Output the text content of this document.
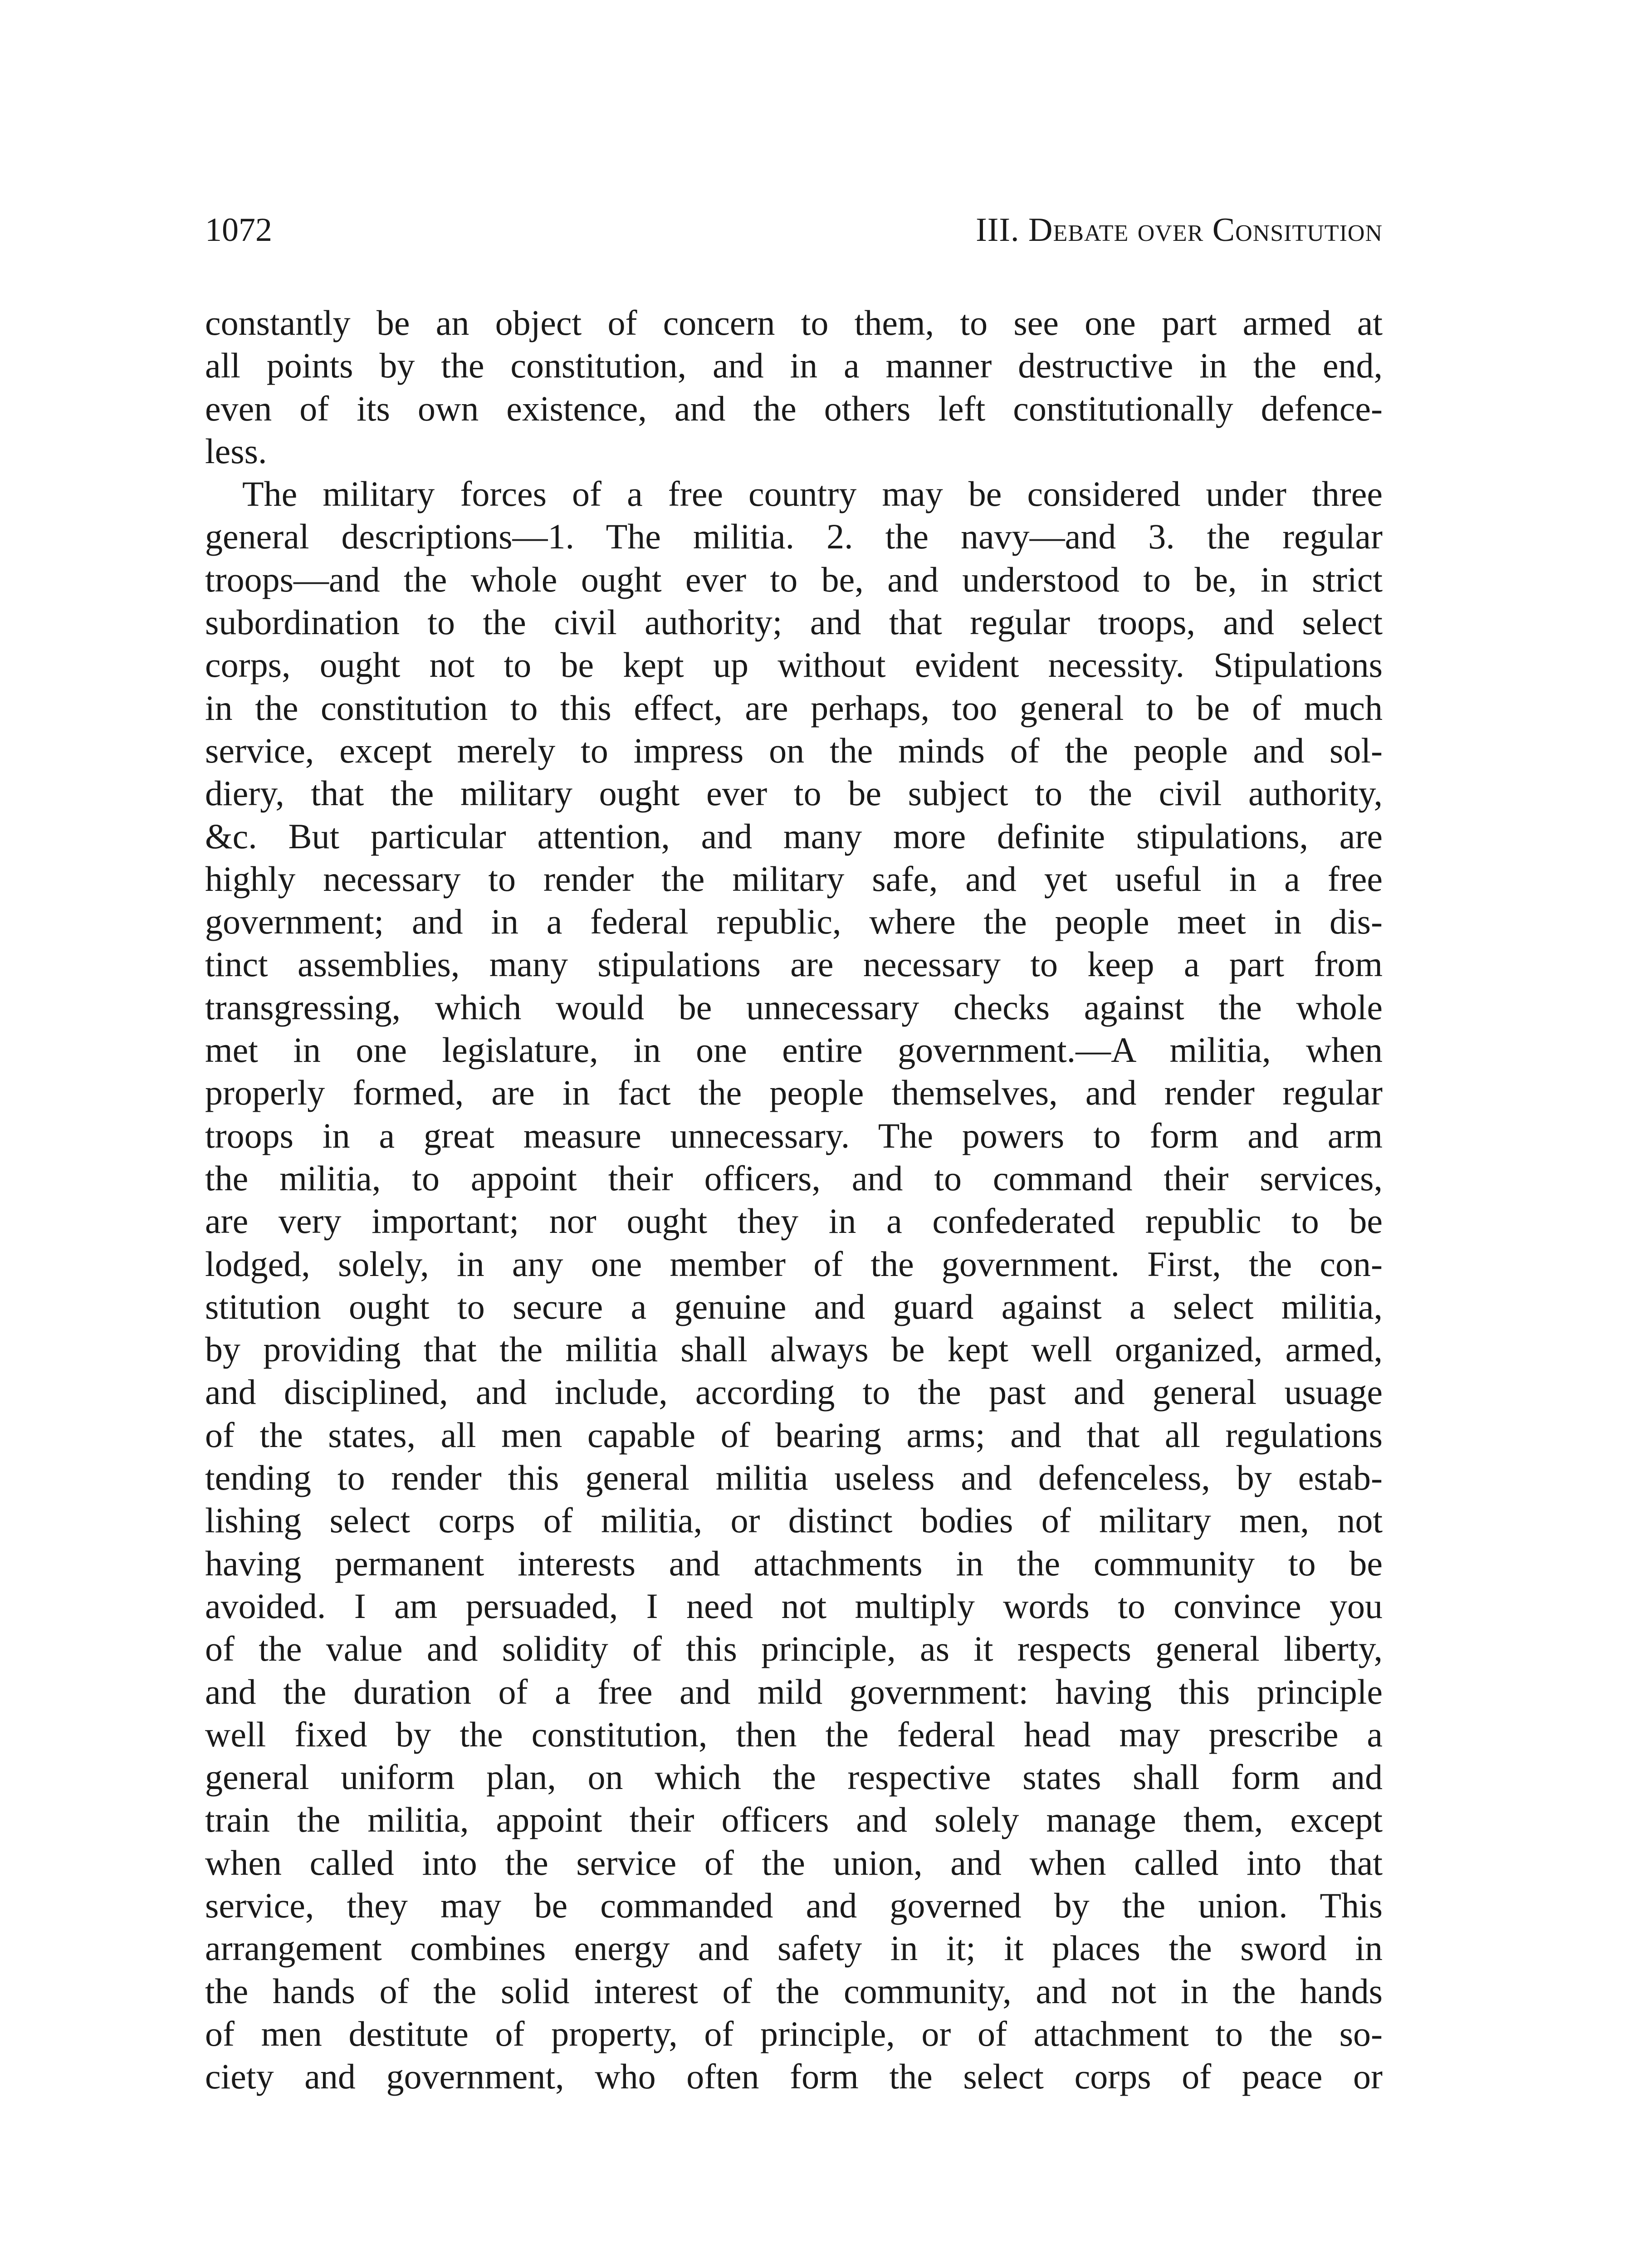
1072	III. Debate over Consitution
constantly be an object of concern to them, to see one part armed at
all points by the constitution, and in a manner destructive in the end,
even of its own existence, and the others left constitutionally defence-
less.
The military forces of a free country may be considered under three
general descriptions—1. The militia. 2. the navy—and 3. the regular
troops—and the whole ought ever to be, and understood to be, in strict
subordination to the civil authority; and that regular troops, and select
corps, ought not to be kept up without evident necessity. Stipulations
in the constitution to this effect, are perhaps, too general to be of much
service, except merely to impress on the minds of the people and sol-
diery, that the military ought ever to be subject to the civil authority,
&c. But particular attention, and many more definite stipulations, are
highly necessary to render the military safe, and yet useful in a free
government; and in a federal republic, where the people meet in dis-
tinct assemblies, many stipulations are necessary to keep a part from
transgressing, which would be unnecessary checks against the whole
met in one legislature, in one entire government.—A militia, when
properly formed, are in fact the people themselves, and render regular
troops in a great measure unnecessary. The powers to form and arm
the militia, to appoint their officers, and to command their services,
are very important; nor ought they in a confederated republic to be
lodged, solely, in any one member of the government. First, the con-
stitution ought to secure a genuine and guard against a select militia,
by providing that the militia shall always be kept well organized, armed,
and disciplined, and include, according to the past and general usuage
of the states, all men capable of bearing arms; and that all regulations
tending to render this general militia useless and defenceless, by estab-
lishing select corps of militia, or distinct bodies of military men, not
having permanent interests and attachments in the community to be
avoided. I am persuaded, I need not multiply words to convince you
of the value and solidity of this principle, as it respects general liberty,
and the duration of a free and mild government: having this principle
well fixed by the constitution, then the federal head may prescribe a
general uniform plan, on which the respective states shall form and
train the militia, appoint their officers and solely manage them, except
when called into the service of the union, and when called into that
service, they may be commanded and governed by the union. This
arrangement combines energy and safety in it; it places the sword in
the hands of the solid interest of the community, and not in the hands
of men destitute of property, of principle, or of attachment to the so-
ciety and government, who often form the select corps of peace or
